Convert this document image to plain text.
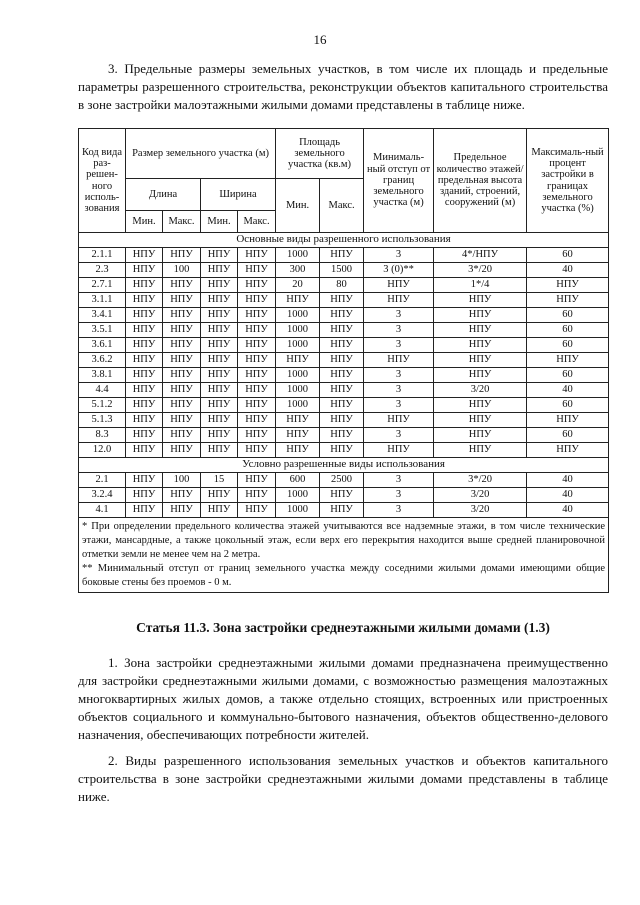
16
3. Предельные размеры земельных участков, в том числе их площадь и предельные параметры разрешенного строительства, реконструкции объектов капитального строительства в зоне застройки малоэтажными жилыми домами представлены в таблице ниже.
Код вида раз-решен-ного исполь-зования	Размер земельного участка (м)				Площадь земельного участка (кв.м)		Минималь-ный отступ от границ земельного участка (м)	Предельное количество этажей/ предельная высота зданий, строений, сооружений (м)	Максималь-ный процент застройки в границах земельного участка (%)
	Длина		Ширина		Мин.	Макс.			
	Мин.	Макс.	Мин.	Макс.					
Основные виды разрешенного использования									
2.1.1	НПУ	НПУ	НПУ	НПУ	1000	НПУ	3	4*/НПУ	60
2.3	НПУ	100	НПУ	НПУ	300	1500	3 (0)**	3*/20	40
2.7.1	НПУ	НПУ	НПУ	НПУ	20	80	НПУ	1*/4	НПУ
3.1.1	НПУ	НПУ	НПУ	НПУ	НПУ	НПУ	НПУ	НПУ	НПУ
3.4.1	НПУ	НПУ	НПУ	НПУ	1000	НПУ	3	НПУ	60
3.5.1	НПУ	НПУ	НПУ	НПУ	1000	НПУ	3	НПУ	60
3.6.1	НПУ	НПУ	НПУ	НПУ	1000	НПУ	3	НПУ	60
3.6.2	НПУ	НПУ	НПУ	НПУ	НПУ	НПУ	НПУ	НПУ	НПУ
3.8.1	НПУ	НПУ	НПУ	НПУ	1000	НПУ	3	НПУ	60
4.4	НПУ	НПУ	НПУ	НПУ	1000	НПУ	3	3/20	40
5.1.2	НПУ	НПУ	НПУ	НПУ	1000	НПУ	3	НПУ	60
5.1.3	НПУ	НПУ	НПУ	НПУ	НПУ	НПУ	НПУ	НПУ	НПУ
8.3	НПУ	НПУ	НПУ	НПУ	НПУ	НПУ	3	НПУ	60
12.0	НПУ	НПУ	НПУ	НПУ	НПУ	НПУ	НПУ	НПУ	НПУ
Условно разрешенные виды использования									
2.1	НПУ	100	15	НПУ	600	2500	3	3*/20	40
3.2.4	НПУ	НПУ	НПУ	НПУ	1000	НПУ	3	3/20	40
4.1	НПУ	НПУ	НПУ	НПУ	1000	НПУ	3	3/20	40

* При определении предельного количества этажей учитываются все надземные этажи, в том числе технические этажи, мансардные, а также цокольный этаж, если верх его перекрытия находится выше средней планировочной отметки земли не менее чем на 2 метра.

** Минимальный отступ от границ земельного участка между соседними жилыми домами имеющими общие боковые стены без проемов - 0 м.									

Статья 11.3. Зона застройки среднеэтажными жилыми домами (1.3)
1. Зона застройки среднеэтажными жилыми домами предназначена преимущественно для застройки среднеэтажными жилыми домами, с возможностью размещения малоэтажных многоквартирных жилых домов, а также отдельно стоящих, встроенных или пристроенных объектов социального и коммунально-бытового назначения, объектов общественно-делового назначения, обеспечивающих потребности жителей.
2. Виды разрешенного использования земельных участков и объектов капитального строительства в зоне застройки среднеэтажными жилыми домами представлены в таблице ниже.
